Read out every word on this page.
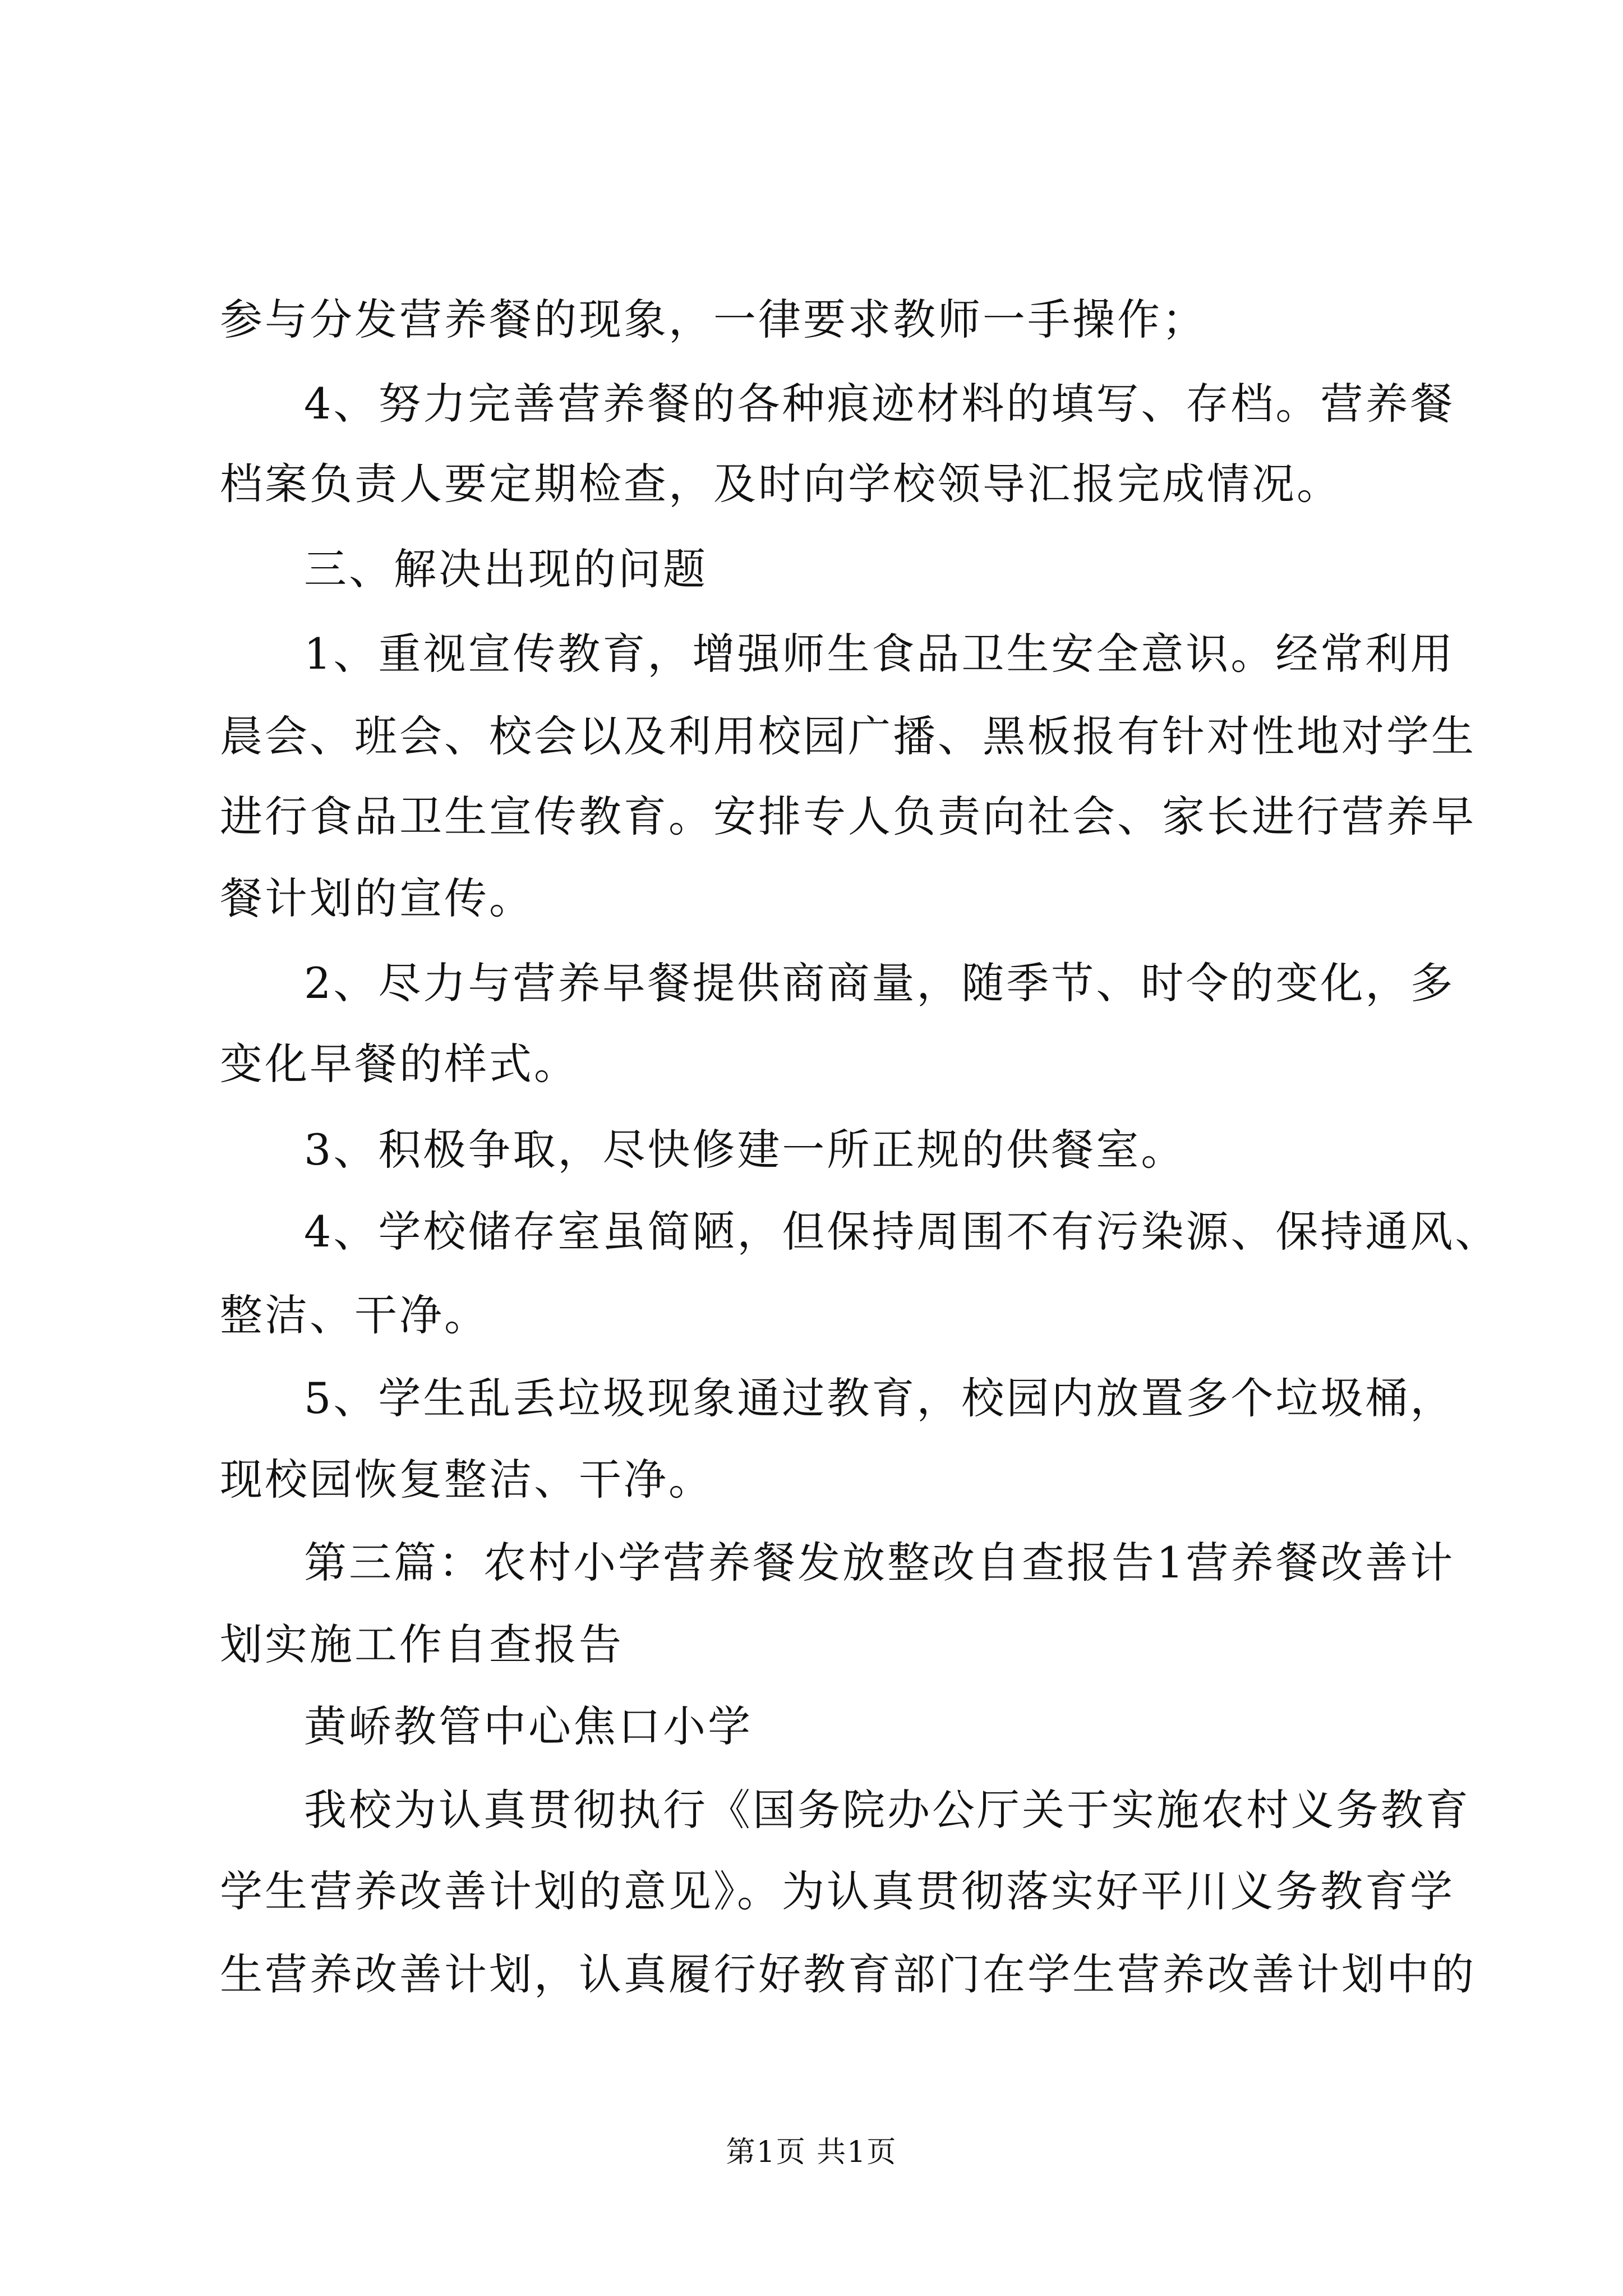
参与分发营养餐的现象，一律要求教师一手操作；
4、努力完善营养餐的各种痕迹材料的填写、存档。营养餐
档案负责人要定期检查，及时向学校领导汇报完成情况。
三、解决出现的问题
1、重视宣传教育，增强师生食品卫生安全意识。经常利用
晨会、班会、校会以及利用校园广播、黑板报有针对性地对学生
进行食品卫生宣传教育。安排专人负责向社会、家长进行营养早
餐计划的宣传。
2、尽力与营养早餐提供商商量，随季节、时令的变化，多
变化早餐的样式。
3、积极争取，尽快修建一所正规的供餐室。
4、学校储存室虽简陋，但保持周围不有污染源、保持通风、
整洁、干净。
5、学生乱丢垃圾现象通过教育，校园内放置多个垃圾桶，
现校园恢复整洁、干净。
第三篇：农村小学营养餐发放整改自查报告1营养餐改善计
划实施工作自查报告
黄峤教管中心焦口小学
我校为认真贯彻执行《国务院办公厅关于实施农村义务教育
学生营养改善计划的意见》。为认真贯彻落实好平川义务教育学
生营养改善计划，认真履行好教育部门在学生营养改善计划中的
第1页 共1页
